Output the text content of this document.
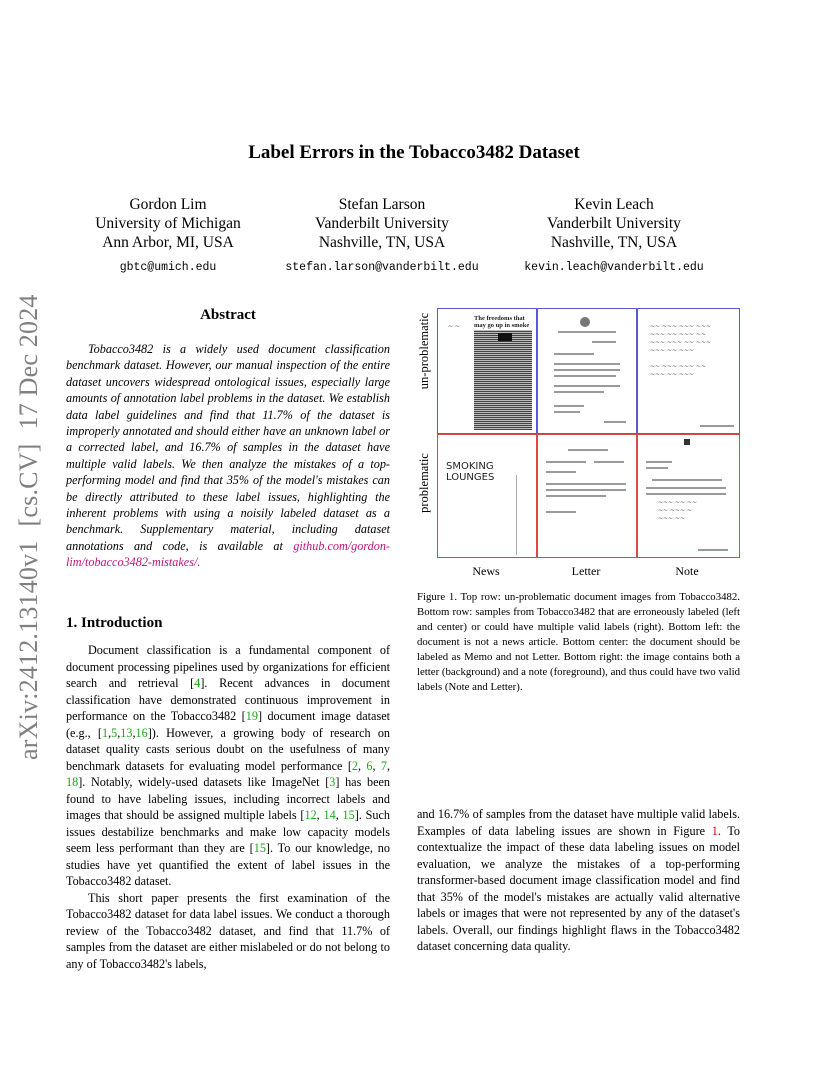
arXiv:2412.13140v1[cs.CV]17 Dec 2024
Label Errors in the Tobacco3482 Dataset
Gordon Lim
University of Michigan
Ann Arbor, MI, USA
gbtc@umich.edu
Stefan Larson
Vanderbilt University
Nashville, TN, USA
stefan.larson@vanderbilt.edu
Kevin Leach
Vanderbilt University
Nashville, TN, USA
kevin.leach@vanderbilt.edu
Abstract
Tobacco3482 is a widely used document classification benchmark dataset. However, our manual inspection of the entire dataset uncovers widespread ontological issues, especially large amounts of annotation label problems in the dataset. We establish data label guidelines and find that 11.7% of the dataset is improperly annotated and should either have an unknown label or a corrected label, and 16.7% of samples in the dataset have multiple valid labels. We then analyze the mistakes of a top-performing model and find that 35% of the model's mistakes can be directly attributed to these label issues, highlighting the inherent problems with using a noisily labeled dataset as a benchmark. Supplementary material, including dataset annotations and code, is available at github.com/gordon-lim/tobacco3482-mistakes/.
1. Introduction

Document classification is a fundamental component of document processing pipelines used by organizations for efficient search and retrieval [4]. Recent advances in document classification have demonstrated continuous improvement in performance on the Tobacco3482 [19] document image dataset (e.g., [1,5,13,16]). However, a growing body of research on dataset quality casts serious doubt on the usefulness of many benchmark datasets for evaluating model performance [2, 6, 7, 18]. Notably, widely-used datasets like ImageNet [3] has been found to have labeling issues, including incorrect labels and images that should be assigned multiple labels [12, 14, 15]. Such issues destabilize benchmarks and make low capacity models seem less performant than they are [15]. To our knowledge, no studies have yet quantified the extent of label issues in the Tobacco3482 dataset.

This short paper presents the first examination of the Tobacco3482 dataset for data label issues. We conduct a thorough review of the Tobacco3482 dataset, and find that 11.7% of samples from the dataset are either mislabeled or do not belong to any of Tobacco3482's labels,

un-problematic
problematic
The freedoms that may go up in smoke
~ ~	~~ ~~~ ~~~ ~~~
~~~ ~~ ~~~ ~~
~~~ ~~~ ~~ ~~~
~~~ ~~ ~~~

~~ ~~~ ~~~ ~~
~~~ ~~ ~~~
SMOKING LOUNGES
~~~ ~~ ~~
~~ ~~~ ~
~~~ ~~
News	Letter	Note
Figure 1. Top row: un-problematic document images from Tobacco3482. Bottom row: samples from Tobacco3482 that are erroneously labeled (left and center) or could have multiple valid labels (right). Bottom left: the document is not a news article. Bottom center: the document should be labeled as Memo and not Letter. Bottom right: the image contains both a letter (background) and a note (foreground), and thus could have two valid labels (Note and Letter).
and 16.7% of samples from the dataset have multiple valid labels. Examples of data labeling issues are shown in Figure 1. To contextualize the impact of these data labeling issues on model evaluation, we analyze the mistakes of a top-performing transformer-based document image classification model and find that 35% of the model's mistakes are actually valid alternative labels or images that were not represented by any of the dataset's labels. Overall, our findings highlight flaws in the Tobacco3482 dataset concerning data quality.
